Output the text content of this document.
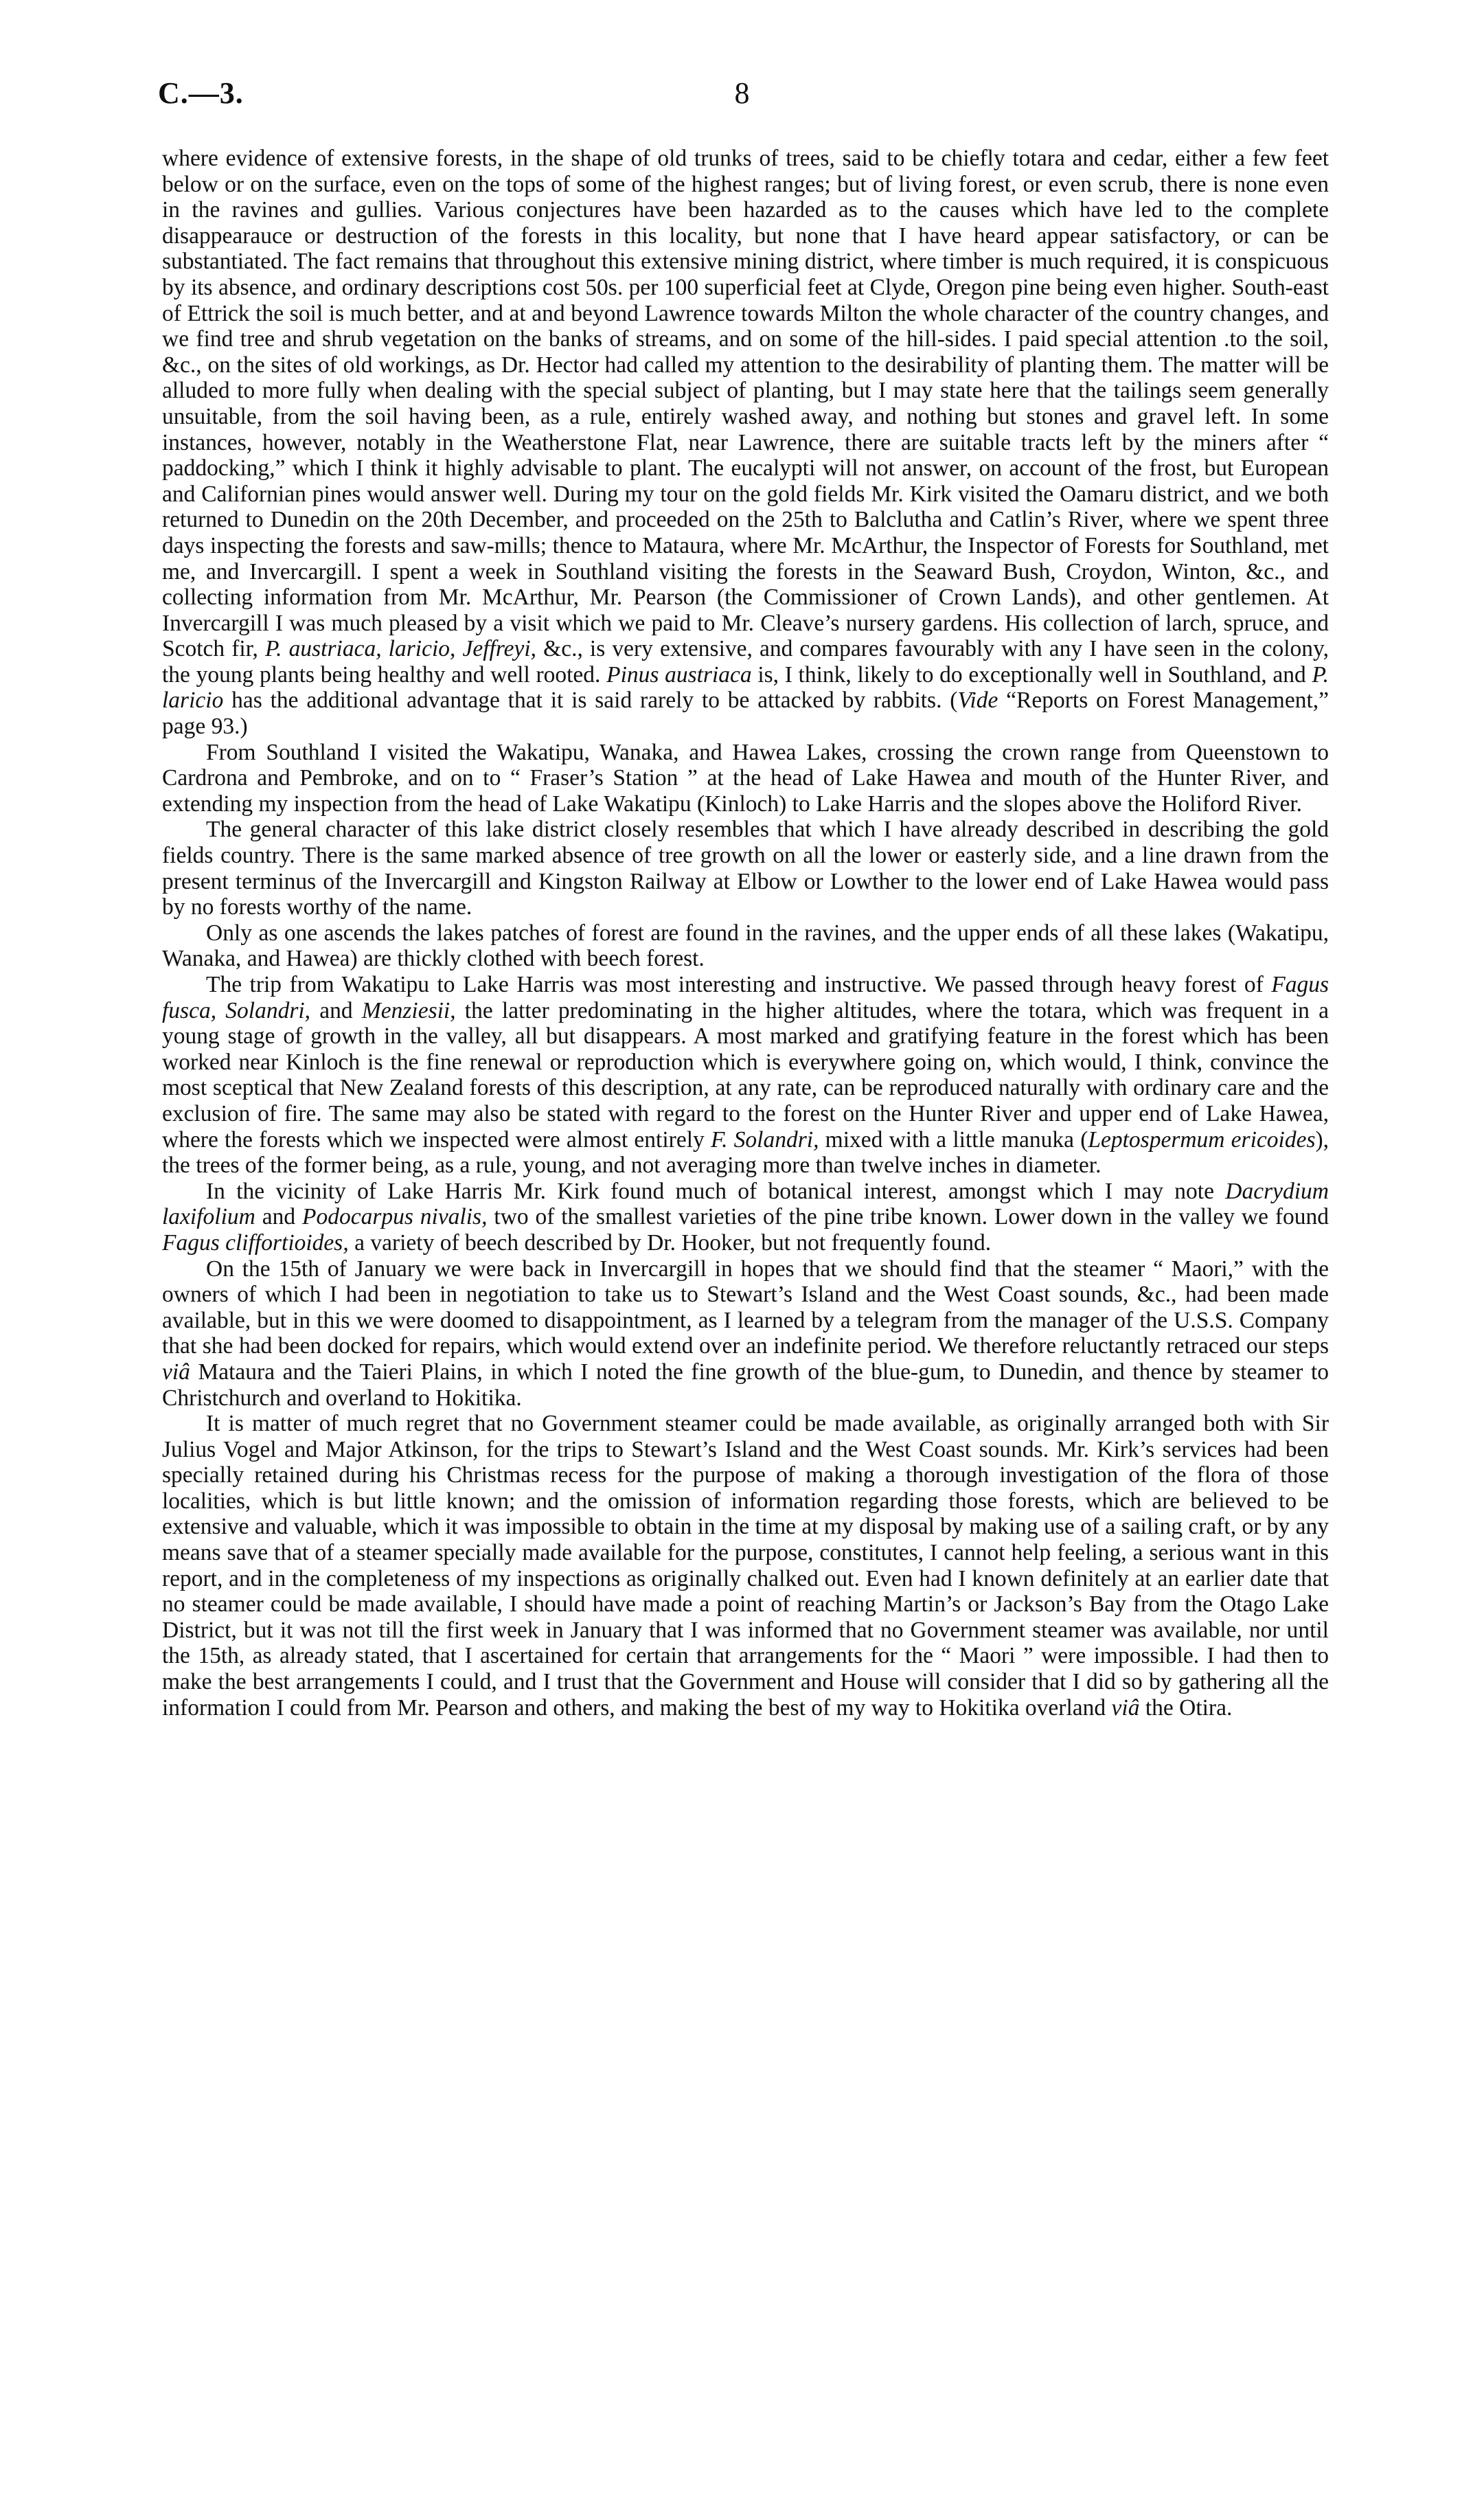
C.—3.	8

where evidence of extensive forests, in the shape of old trunks of trees, said to be chiefly totara and cedar, either a few feet below or on the surface, even on the tops of some of the highest ranges; but of living forest, or even scrub, there is none even in the ravines and gullies. Various conjectures have been hazarded as to the causes which have led to the complete disappearauce or destruction of the forests in this locality, but none that I have heard appear satisfactory, or can be substantiated. The fact remains that throughout this extensive mining district, where timber is much required, it is conspicuous by its absence, and ordinary descriptions cost 50s. per 100 superficial feet at Clyde, Oregon pine being even higher. South-east of Ettrick the soil is much better, and at and beyond Lawrence towards Milton the whole character of the country changes, and we find tree and shrub vegetation on the banks of streams, and on some of the hill-sides. I paid special attention .to the soil, &c., on the sites of old workings, as Dr. Hector had called my attention to the desirability of planting them. The matter will be alluded to more fully when dealing with the special subject of planting, but I may state here that the tailings seem generally unsuitable, from the soil having been, as a rule, entirely washed away, and nothing but stones and gravel left. In some instances, however, notably in the Weatherstone Flat, near Lawrence, there are suitable tracts left by the miners after “ paddocking,” which I think it highly advisable to plant. The eucalypti will not answer, on account of the frost, but European and Californian pines would answer well. During my tour on the gold fields Mr. Kirk visited the Oamaru district, and we both returned to Dunedin on the 20th December, and proceeded on the 25th to Balclutha and Catlin’s River, where we spent three days inspecting the forests and saw-mills; thence to Mataura, where Mr. McArthur, the Inspector of Forests for Southland, met me, and Invercargill. I spent a week in Southland visiting the forests in the Seaward Bush, Croydon, Winton, &c., and collecting information from Mr. McArthur, Mr. Pearson (the Commissioner of Crown Lands), and other gentlemen. At Invercargill I was much pleased by a visit which we paid to Mr. Cleave’s nursery gardens. His collection of larch, spruce, and Scotch fir, P. austriaca, laricio, Jeffreyi, &c., is very extensive, and compares favourably with any I have seen in the colony, the young plants being healthy and well rooted. Pinus austriaca is, I think, likely to do exceptionally well in Southland, and P. laricio has the additional advantage that it is said rarely to be attacked by rabbits. (Vide “Reports on Forest Management,” page 93.)

From Southland I visited the Wakatipu, Wanaka, and Hawea Lakes, crossing the crown range from Queenstown to Cardrona and Pembroke, and on to “ Fraser’s Station ” at the head of Lake Hawea and mouth of the Hunter River, and extending my inspection from the head of Lake Wakatipu (Kinloch) to Lake Harris and the slopes above the Holiford River.

The general character of this lake district closely resembles that which I have already described in describing the gold fields country. There is the same marked absence of tree growth on all the lower or easterly side, and a line drawn from the present terminus of the Invercargill and Kingston Railway at Elbow or Lowther to the lower end of Lake Hawea would pass by no forests worthy of the name.

Only as one ascends the lakes patches of forest are found in the ravines, and the upper ends of all these lakes (Wakatipu, Wanaka, and Hawea) are thickly clothed with beech forest.

The trip from Wakatipu to Lake Harris was most interesting and instructive. We passed through heavy forest of Fagus fusca, Solandri, and Menziesii, the latter predominating in the higher altitudes, where the totara, which was frequent in a young stage of growth in the valley, all but disappears. A most marked and gratifying feature in the forest which has been worked near Kinloch is the fine renewal or reproduction which is everywhere going on, which would, I think, convince the most sceptical that New Zealand forests of this description, at any rate, can be reproduced naturally with ordinary care and the exclusion of fire. The same may also be stated with regard to the forest on the Hunter River and upper end of Lake Hawea, where the forests which we inspected were almost entirely F. Solandri, mixed with a little manuka (Leptospermum ericoides), the trees of the former being, as a rule, young, and not averaging more than twelve inches in diameter.

In the vicinity of Lake Harris Mr. Kirk found much of botanical interest, amongst which I may note Dacrydium laxifolium and Podocarpus nivalis, two of the smallest varieties of the pine tribe known. Lower down in the valley we found Fagus cliffortioides, a variety of beech described by Dr. Hooker, but not frequently found.

On the 15th of January we were back in Invercargill in hopes that we should find that the steamer “ Maori,” with the owners of which I had been in negotiation to take us to Stewart’s Island and the West Coast sounds, &c., had been made available, but in this we were doomed to disappointment, as I learned by a telegram from the manager of the U.S.S. Company that she had been docked for repairs, which would extend over an indefinite period. We therefore reluctantly retraced our steps viâ Mataura and the Taieri Plains, in which I noted the fine growth of the blue-gum, to Dunedin, and thence by steamer to Christchurch and overland to Hokitika.

It is matter of much regret that no Government steamer could be made available, as originally arranged both with Sir Julius Vogel and Major Atkinson, for the trips to Stewart’s Island and the West Coast sounds. Mr. Kirk’s services had been specially retained during his Christmas recess for the purpose of making a thorough investigation of the flora of those localities, which is but little known; and the omission of information regarding those forests, which are believed to be extensive and valuable, which it was impossible to obtain in the time at my disposal by making use of a sailing craft, or by any means save that of a steamer specially made available for the purpose, constitutes, I cannot help feeling, a serious want in this report, and in the completeness of my inspections as originally chalked out. Even had I known definitely at an earlier date that no steamer could be made available, I should have made a point of reaching Martin’s or Jackson’s Bay from the Otago Lake District, but it was not till the first week in January that I was informed that no Government steamer was available, nor until the 15th, as already stated, that I ascertained for certain that arrangements for the “ Maori ” were impossible. I had then to make the best arrangements I could, and I trust that the Government and House will consider that I did so by gathering all the information I could from Mr. Pearson and others, and making the best of my way to Hokitika overland viâ the Otira.
